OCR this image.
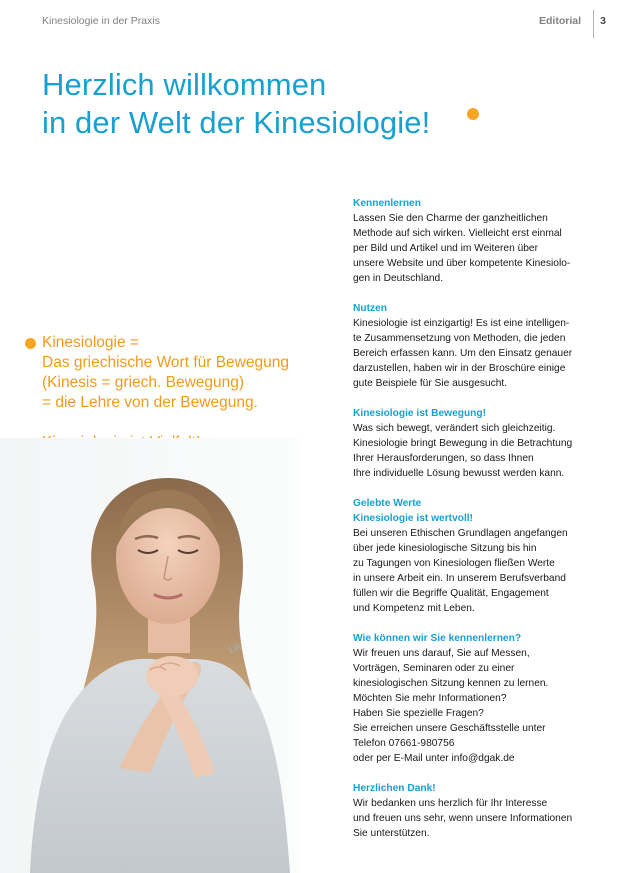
Kinesiologie in der Praxis	Editorial 3
Herzlich willkommen
in der Welt der Kinesiologie!

Kinesiologie =

Das griechische Wort für Bewegung

(Kinesis = griech. Bewegung)

= die Lehre von der Bewegung.

Lili
Kennenlernen
Lassen Sie den Charme der ganzheitlichen
Methode auf sich wirken. Vielleicht erst einmal
per Bild und Artikel und im Weiteren über
unsere Website und über kompetente Kinesiolo-
gen in Deutschland.
Nutzen
Kinesiologie ist einzigartig! Es ist eine intelligen-
te Zusammensetzung von Methoden, die jeden
Bereich erfassen kann. Um den Einsatz genauer
darzustellen, haben wir in der Broschüre einige
gute Beispiele für Sie ausgesucht.
Kinesiologie ist Bewegung!
Was sich bewegt, verändert sich gleichzeitig.
Kinesiologie bringt Bewegung in die Betrachtung
Ihrer Herausforderungen, so dass Ihnen
Ihre individuelle Lösung bewusst werden kann.
Gelebte Werte
Kinesiologie ist wertvoll!
Bei unseren Ethischen Grundlagen angefangen
über jede kinesiologische Sitzung bis hin
zu Tagungen von Kinesiologen fließen Werte
in unsere Arbeit ein. In unserem Berufsverband
füllen wir die Begriffe Qualität, Engagement
und Kompetenz mit Leben.
Wie können wir Sie kennenlernen?
Wir freuen uns darauf, Sie auf Messen,
Vorträgen, Seminaren oder zu einer
kinesiologischen Sitzung kennen zu lernen.
Möchten Sie mehr Informationen?
Haben Sie spezielle Fragen?
Sie erreichen unsere Geschäftsstelle unter
Telefon 07661-980756
oder per E-Mail unter info@dgak.de
Herzlichen Dank!
Wir bedanken uns herzlich für Ihr Interesse
und freuen uns sehr, wenn unsere Informationen
Sie unterstützen.
